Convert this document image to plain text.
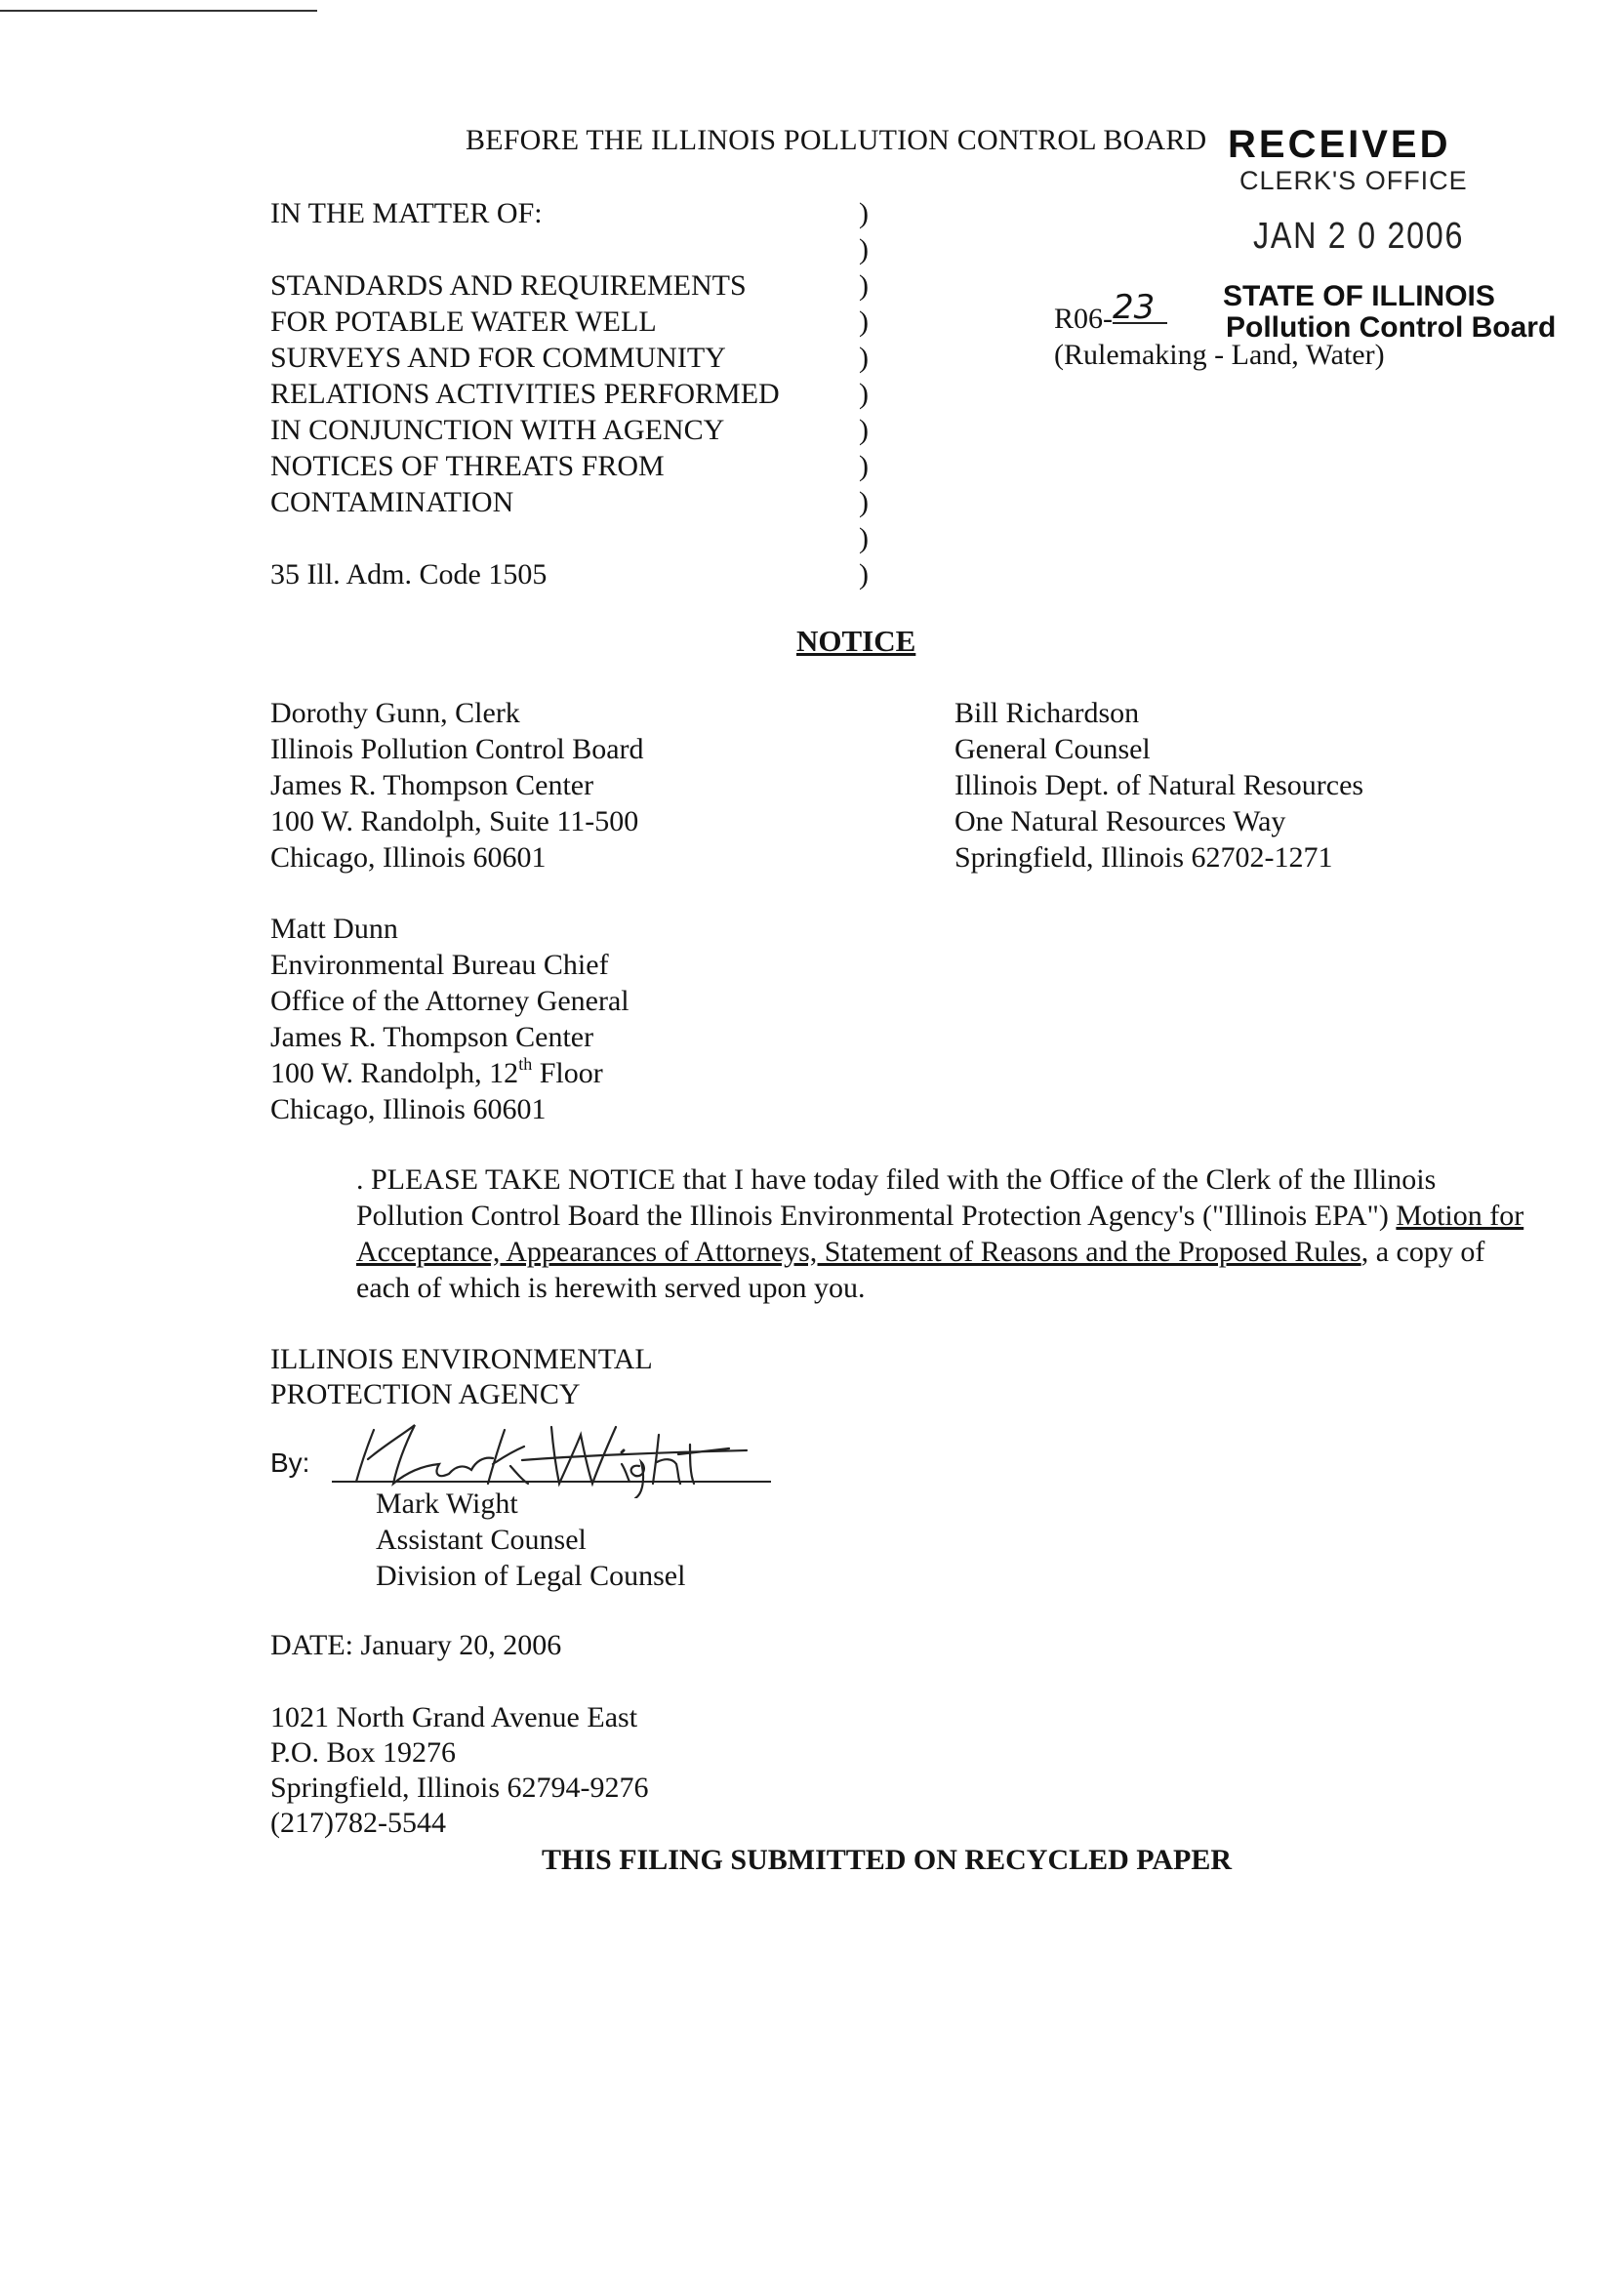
BEFORE THE ILLINOIS POLLUTION CONTROL BOARD RECEIVED
CLERK'S OFFICE
JAN 2 0 2006
STATE OF ILLINOIS
Pollution Control Board
IN THE MATTER OF:
STANDARDS AND REQUIREMENTS
FOR POTABLE WATER WELL
SURVEYS AND FOR COMMUNITY
RELATIONS ACTIVITIES PERFORMED
IN CONJUNCTION WITH AGENCY
NOTICES OF THREATS FROM
CONTAMINATION
35 Ill. Adm. Code 1505
)
)
)
)
)
)
)
)
)
)
)
R06-23
(Rulemaking - Land, Water)
NOTICE
Dorothy Gunn, Clerk
Illinois Pollution Control Board
James R. Thompson Center
100 W. Randolph, Suite 11-500
Chicago, Illinois 60601
Bill Richardson
General Counsel
Illinois Dept. of Natural Resources
One Natural Resources Way
Springfield, Illinois 62702-1271
Matt Dunn
Environmental Bureau Chief
Office of the Attorney General
James R. Thompson Center
100 W. Randolph, 12th Floor
Chicago, Illinois 60601

. PLEASE TAKE NOTICE that I have today filed with the Office of the Clerk of the Illinois Pollution Control Board the Illinois Environmental Protection Agency's ("Illinois EPA") Motion for Acceptance, Appearances of Attorneys, Statement of Reasons and the Proposed Rules, a copy of each of which is herewith served upon you.

ILLINOIS ENVIRONMENTAL
PROTECTION AGENCY
By:
Mark Wight
Assistant Counsel
Division of Legal Counsel
DATE: January 20, 2006
1021 North Grand Avenue East
P.O. Box 19276
Springfield, Illinois 62794-9276
(217)782-5544
THIS FILING SUBMITTED ON RECYCLED PAPER
